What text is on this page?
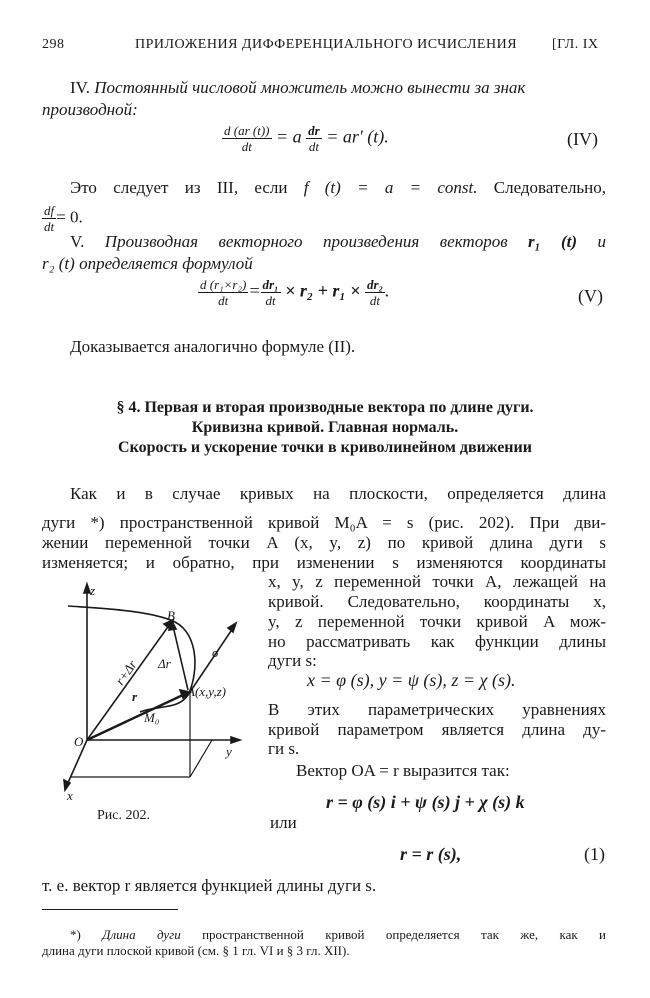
298	ПРИЛОЖЕНИЯ ДИФФЕРЕНЦИАЛЬНОГО ИСЧИСЛЕНИЯ [ГЛ. IX
IV. Постоянный числовой множитель можно вынести за знак
производной:
$\frac{d (ar (t))}{dt} = a \frac{dr}{dt} = ar'$ (t).	(IV)
Это следует из III, если f (t) = a = const. Следовательно,
$\frac{df}{dt} = 0$.
V. Производная векторного произведения векторов r₁ (t) и
r₂ (t) определяется формулой
$\frac{\text{d (r₁×r₂)}}{dt} = \frac{\text{dr₁}}{dt} \times r_2 + r_1 \times \frac{\text{dr₂}}{dt}$ .	(V)
Доказывается аналогично формуле (II).
§ 4. Первая и вторая производные вектора по длине дуги.
Кривизна кривой. Главная нормаль.
Скорость и ускорение точки в криволинейном движении
Как и в случае кривых на плоскости, определяется длина
дуги *) пространственной кривой M₀A = s (рис. 202). При дви-
жении переменной точки A (x, y, z) по кривой длина дуги s
изменяется; и обратно, при изменении s изменяются координаты
x, y, z переменной точки A, лежащей на
кривой. Следовательно, координаты x,
y, z переменной точки кривой A мож-
но рассматривать как функции длины
дуги s:
x = φ (s), y = ψ (s), z = χ (s).
В этих параметрических уравнениях
кривой параметром является длина ду-
ги s.
Вектор OA = r выразится так:
r = φ (s) i + ψ (s) j + χ (s) k
или
r = r (s),	(1)
т. е. вектор r является функцией длины дуги s.
z
y
x
O
B
A(x,y,z)
M₀
r
r+Δr Δr
σ
Рис. 202.
*) Длина дуги пространственной кривой определяется так же, как и
длина дуги плоской кривой (см. § 1 гл. VI и § 3 гл. XII).
